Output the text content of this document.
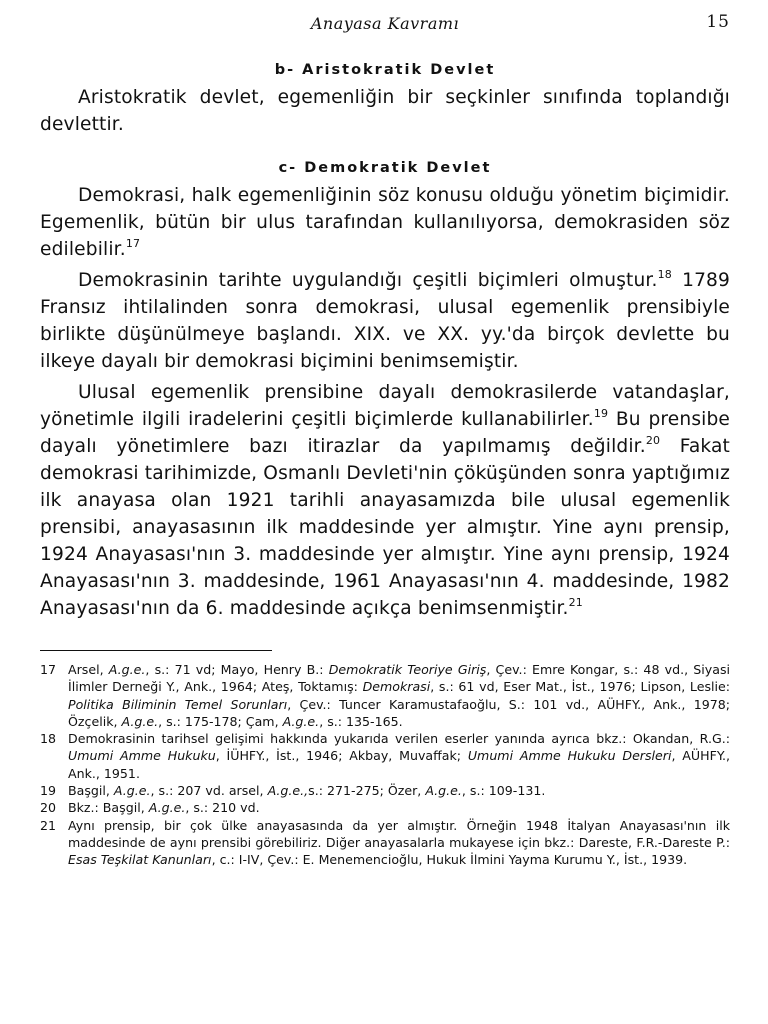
Anayasa Kavramı	15
b- Aristokratik Devlet

Aristokratik devlet, egemenliğin bir seçkinler sınıfında toplandığı devlettir.

c- Demokratik Devlet

Demokrasi, halk egemenliğinin söz konusu olduğu yönetim biçimidir. Egemenlik, bütün bir ulus tarafından kullanılıyorsa, demokrasiden söz edilebilir.$^{17}$

Demokrasinin tarihte uygulandığı çeşitli biçimleri olmuştur.$^{18}$ 1789 Fransız ihtilalinden sonra demokrasi, ulusal egemenlik prensibiyle birlikte düşünülmeye başlandı. XIX. ve XX. yy.'da birçok devlette bu ilkeye dayalı bir demokrasi biçimini benimsemiştir.

Ulusal egemenlik prensibine dayalı demokrasilerde vatandaşlar, yönetimle ilgili iradelerini çeşitli biçimlerde kullanabilirler.$^{19}$ Bu prensibe dayalı yönetimlere bazı itirazlar da yapılmamış değildir.$^{20}$ Fakat demokrasi tarihimizde, Osmanlı Devleti'nin çöküşünden sonra yaptığımız ilk anayasa olan 1921 tarihli anayasamızda bile ulusal egemenlik prensibi, anayasasının ilk maddesinde yer almıştır. Yine aynı prensip, 1924 Anayasası'nın 3. maddesinde yer almıştır. Yine aynı prensip, 1924 Anayasası'nın 3. maddesinde, 1961 Anayasası'nın 4. maddesinde, 1982 Anayasası'nın da 6. maddesinde açıkça benimsenmiştir.$^{21}$

17 Arsel, A.g.e., s.: 71 vd; Mayo, Henry B.: Demokratik Teoriye Giriş, Çev.: Emre Kongar, s.: 48 vd., Siyasi İlimler Derneği Y., Ank., 1964; Ateş, Toktamış: Demokrasi, s.: 61 vd, Eser Mat., İst., 1976; Lipson, Leslie: Politika Biliminin Temel Sorunları, Çev.: Tuncer Karamustafaoğlu, S.: 101 vd., AÜHFY., Ank., 1978; Özçelik, A.g.e., s.: 175-178; Çam, A.g.e., s.: 135-165.
18 Demokrasinin tarihsel gelişimi hakkında yukarıda verilen eserler yanında ayrıca bkz.: Okandan, R.G.: Umumi Amme Hukuku, İÜHFY., İst., 1946; Akbay, Muvaffak; Umumi Amme Hukuku Dersleri, AÜHFY., Ank., 1951.
19 Başgil, A.g.e., s.: 207 vd. arsel, A.g.e.,s.: 271-275; Özer, A.g.e., s.: 109-131.
20 Bkz.: Başgil, A.g.e., s.: 210 vd.
21 Aynı prensip, bir çok ülke anayasasında da yer almıştır. Örneğin 1948 İtalyan Anayasası'nın ilk maddesinde de aynı prensibi görebiliriz. Diğer anayasalarla mukayese için bkz.: Dareste, F.R.-Dareste P.: Esas Teşkilat Kanunları, c.: I-IV, Çev.: E. Menemencioğlu, Hukuk İlmini Yayma Kurumu Y., İst., 1939.
